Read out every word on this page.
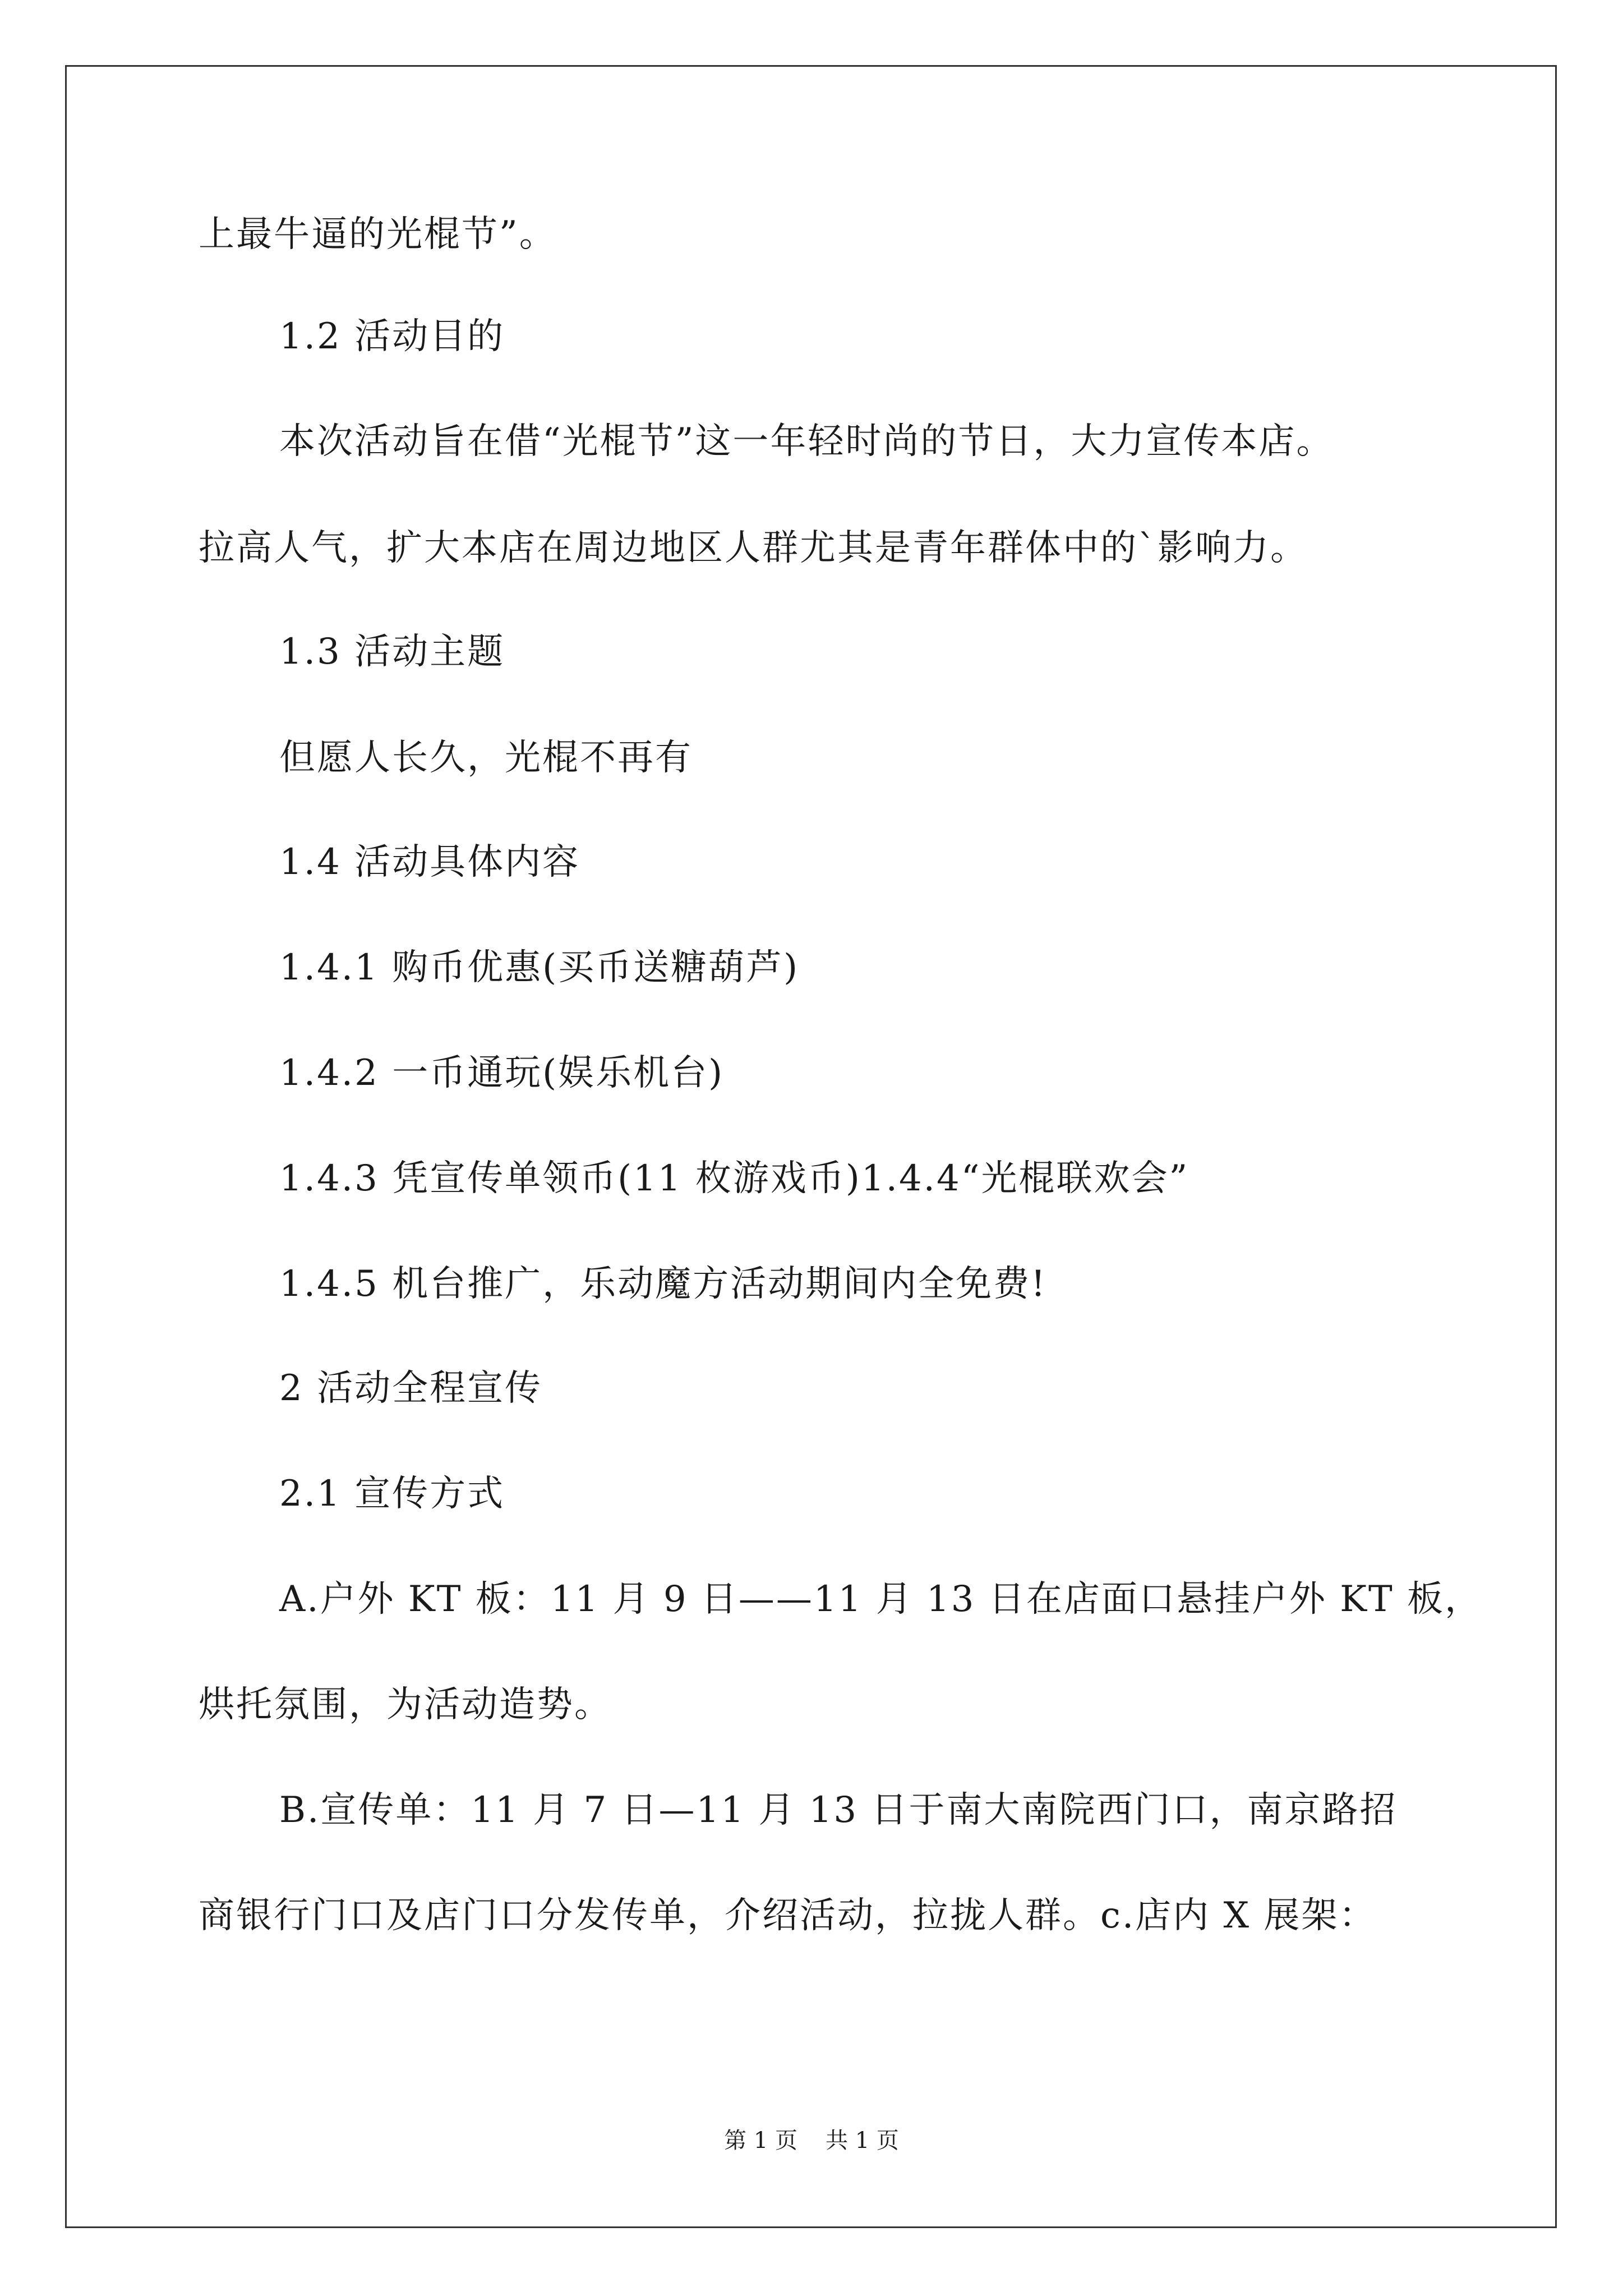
上最牛逼的光棍节”。
1.2 活动目的
本次活动旨在借“光棍节”这一年轻时尚的节日，大力宣传本店。
拉高人气，扩大本店在周边地区人群尤其是青年群体中的`影响力。
1.3 活动主题
但愿人长久，光棍不再有
1.4 活动具体内容
1.4.1 购币优惠(买币送糖葫芦)
1.4.2 一币通玩(娱乐机台)
1.4.3 凭宣传单领币(11 枚游戏币)1.4.4“光棍联欢会”
1.4.5 机台推广，乐动魔方活动期间内全免费!
2 活动全程宣传
2.1 宣传方式
A.户外 KT 板：11 月 9 日——11 月 13 日在店面口悬挂户外 KT 板，
烘托氛围，为活动造势。
B.宣传单：11 月 7 日—11 月 13 日于南大南院西门口，南京路招
商银行门口及店门口分发传单，介绍活动，拉拢人群。c.店内 X 展架：
第 1 页 共 1 页
